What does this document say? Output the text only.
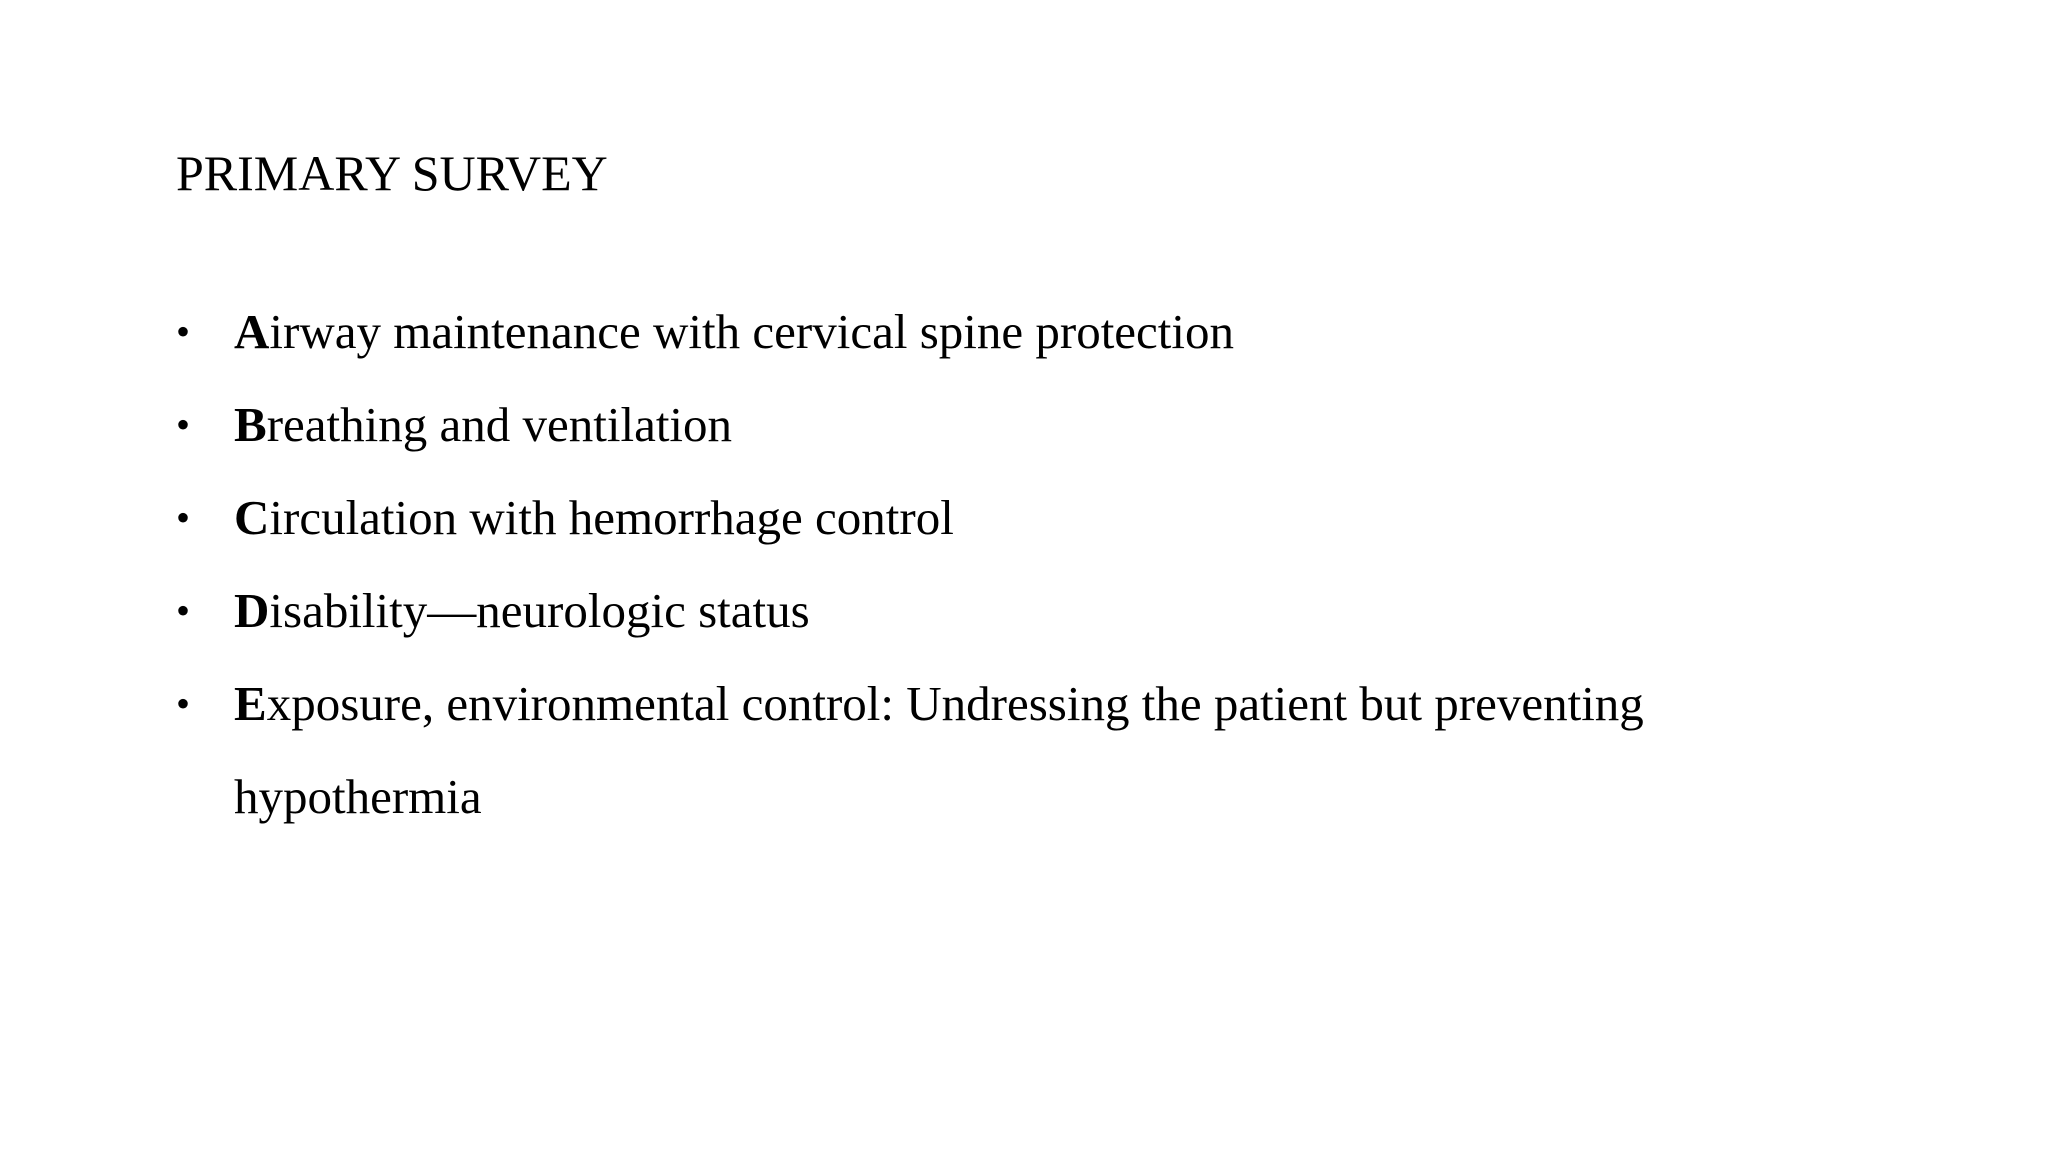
PRIMARY SURVEY
• Airway maintenance with cervical spine protection
• Breathing and ventilation
• Circulation with hemorrhage control
• Disability—neurologic status
• Exposure, environmental control: Undressing the patient but preventing
hypothermia
